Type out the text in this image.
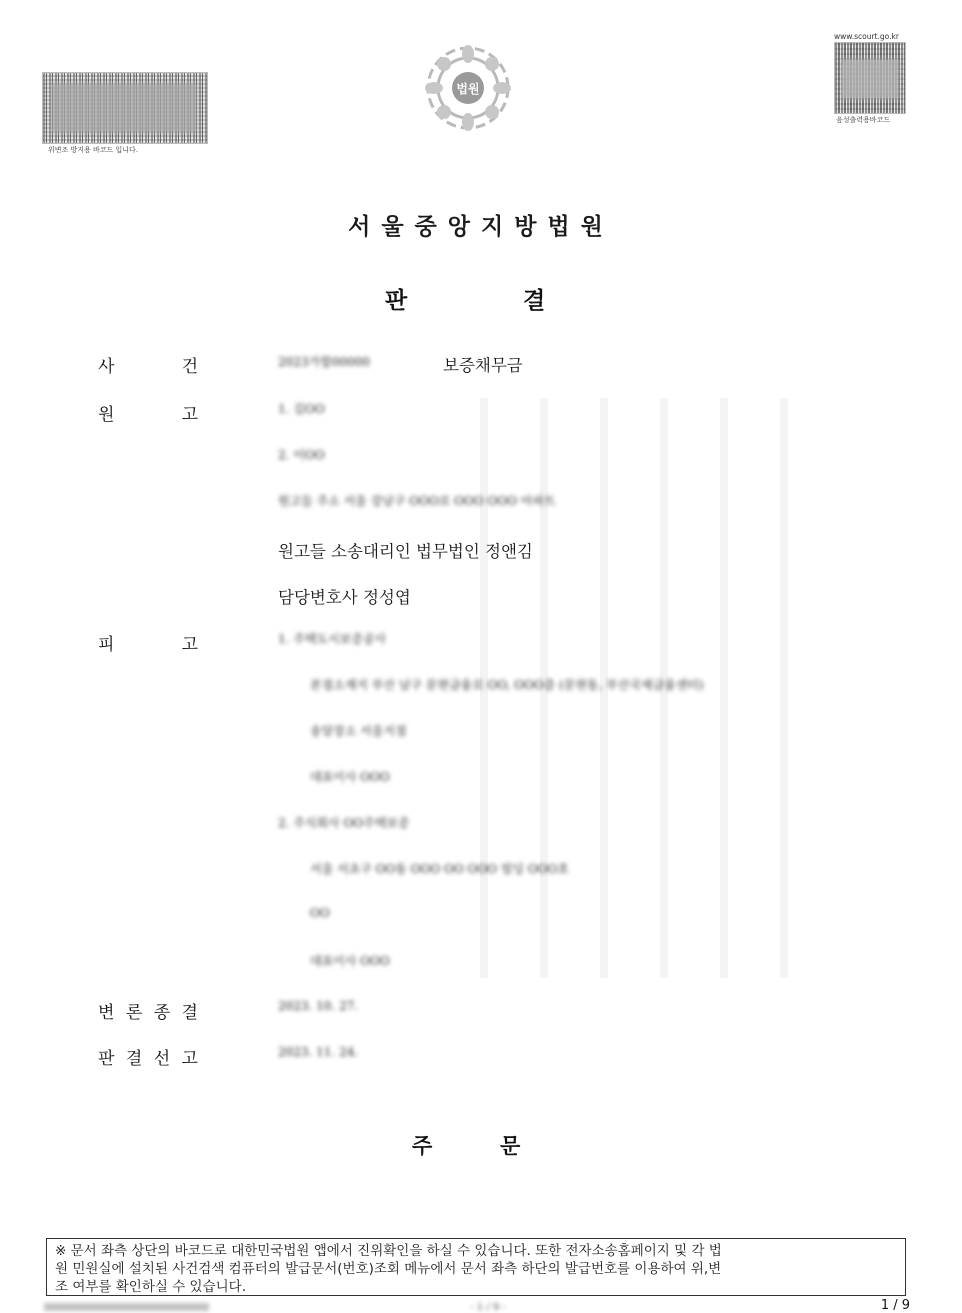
위변조 방지용 바코드 입니다.
www.scourt.go.kr
음성출력용바코드
법원
서울중앙지방법원
판	결
사	건	2023가합00000	보증채무금
원	고	1. 김OO
2. 이OO
원고들 주소 서울 강남구 OOO로 OOO OOO 아파트
원고들 소송대리인 법무법인 정앤김
담당변호사 정성엽
피	고	1. 주택도시보증공사
본점소재지 부산 남구 문현금융로 OO, OOO층 (문현동, 부산국제금융센터)
송달장소 서울지점
대표이사 OOO
2. 주식회사 OO주택보증
서울 서초구 OO동 OOO OO OOO 빌딩 OOO호
OO
대표이사 OOO
변 론 종 결	2023. 10. 27.
판 결 선 고	2023. 11. 24.
주	문
※ 문서 좌측 상단의 바코드로 대한민국법원 앱에서 진위확인을 하실 수 있습니다. 또한 전자소송홈페이지 및 각 법
원 민원실에 설치된 사건검색 컴퓨터의 발급문서(번호)조회 메뉴에서 문서 좌측 하단의 발급번호를 이용하여 위,변
조 여부를 확인하실 수 있습니다.
- 1 / 9 -	1 / 9
